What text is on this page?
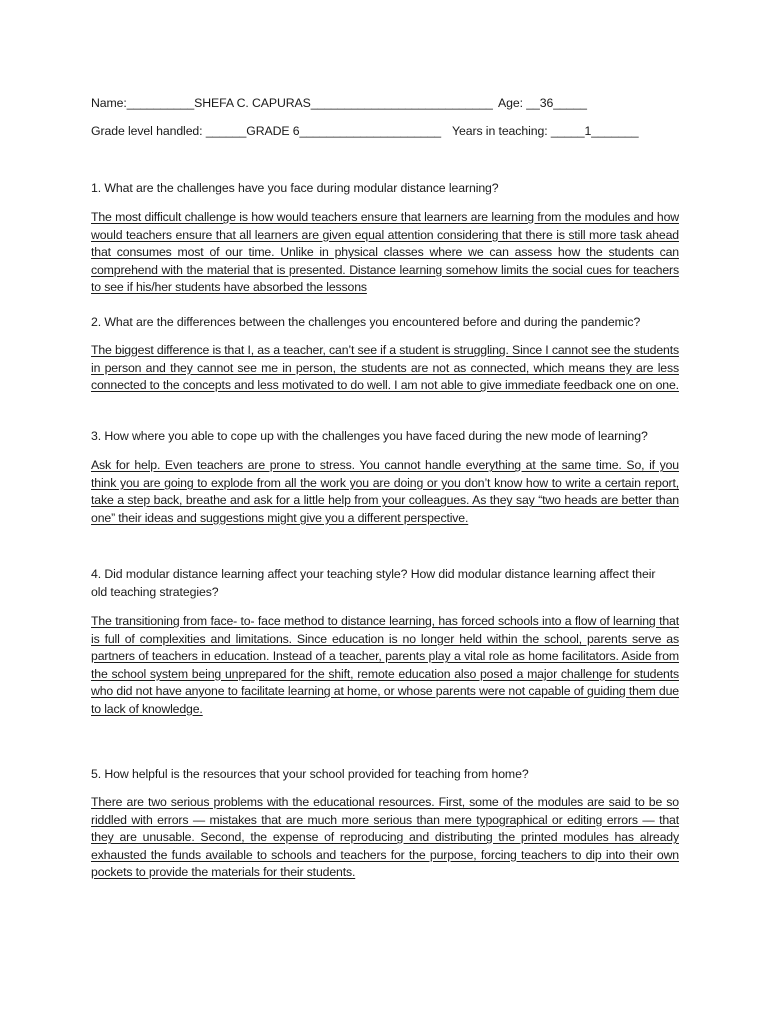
Name:__________SHEFA C. CAPURAS___________________________ Age: __36_____
Grade level handled: ______GRADE 6_____________________ Years in teaching: _____1_______
1. What are the challenges have you face during modular distance learning?
The most difficult challenge is how would teachers ensure that learners are learning from the modules and how would teachers ensure that all learners are given equal attention considering that there is still more task ahead that consumes most of our time. Unlike in physical classes where we can assess how the students can comprehend with the material that is presented. Distance learning somehow limits the social cues for teachers to see if his/her students have absorbed the lessons
2. What are the differences between the challenges you encountered before and during the pandemic?
The biggest difference is that I, as a teacher, can’t see if a student is struggling. Since I cannot see the students in person and they cannot see me in person, the students are not as connected, which means they are less connected to the concepts and less motivated to do well. I am not able to give immediate feedback one on one.
3. How where you able to cope up with the challenges you have faced during the new mode of learning?
Ask for help. Even teachers are prone to stress. You cannot handle everything at the same time. So, if you think you are going to explode from all the work you are doing or you don’t know how to write a certain report, take a step back, breathe and ask for a little help from your colleagues. As they say “two heads are better than one” their ideas and suggestions might give you a different perspective.
4. Did modular distance learning affect your teaching style? How did modular distance learning affect their old teaching strategies?
The transitioning from face- to- face method to distance learning, has forced schools into a flow of learning that is full of complexities and limitations. Since education is no longer held within the school, parents serve as partners of teachers in education. Instead of a teacher, parents play a vital role as home facilitators. Aside from the school system being unprepared for the shift, remote education also posed a major challenge for students who did not have anyone to facilitate learning at home, or whose parents were not capable of guiding them due to lack of knowledge.
5. How helpful is the resources that your school provided for teaching from home?
There are two serious problems with the educational resources. First, some of the modules are said to be so riddled with errors — mistakes that are much more serious than mere typographical or editing errors — that they are unusable. Second, the expense of reproducing and distributing the printed modules has already exhausted the funds available to schools and teachers for the purpose, forcing teachers to dip into their own pockets to provide the materials for their students.
